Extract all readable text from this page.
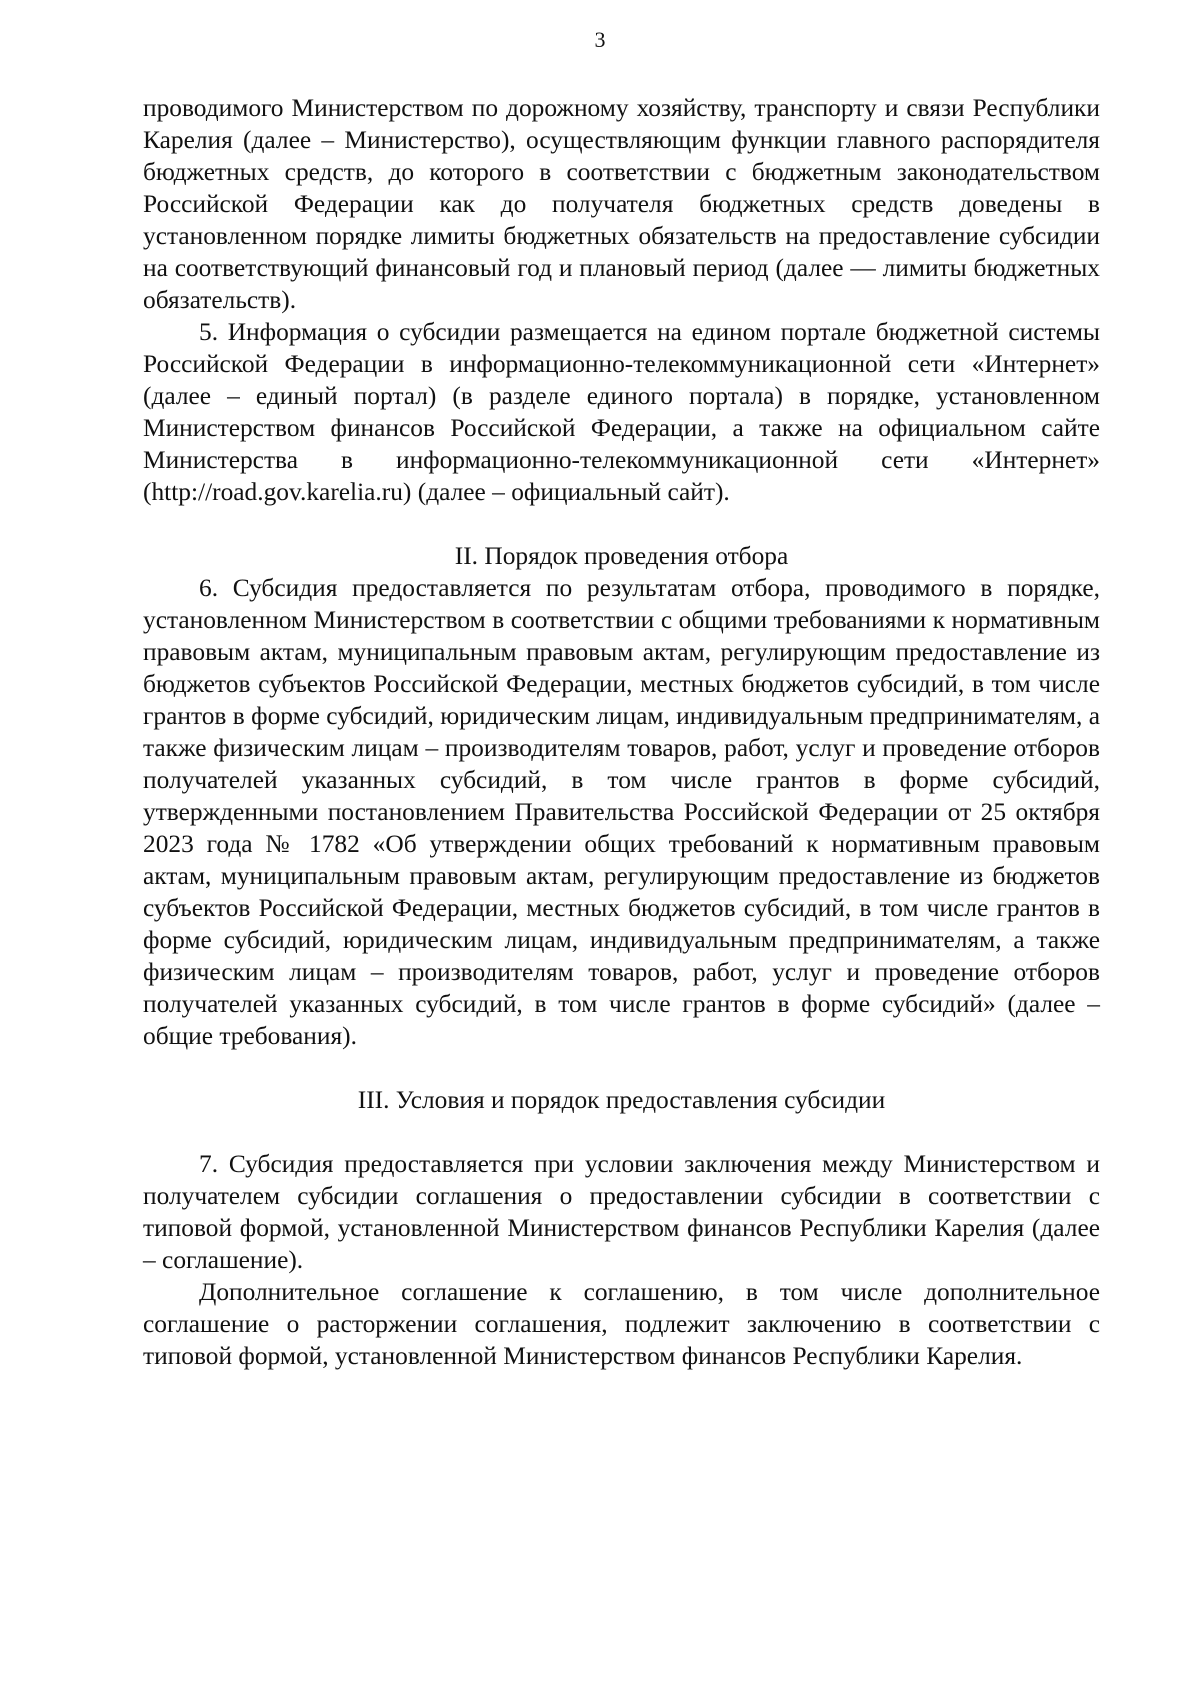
3

проводимого Министерством по дорожному хозяйству, транспорту и связи Республики Карелия (далее – Министерство), осуществляющим функции главного распорядителя бюджетных средств, до которого в соответствии с бюджетным законодательством Российской Федерации как до получателя бюджетных средств доведены в установленном порядке лимиты бюджетных обязательств на предоставление субсидии на соответствующий финансовый год и плановый период (далее — лимиты бюджетных обязательств).

5. Информация о субсидии размещается на едином портале бюджетной системы Российской Федерации в информационно-телекоммуникационной сети «Интернет» (далее – единый портал) (в разделе единого портала) в порядке, установленном Министерством финансов Российской Федерации, а также на официальном сайте Министерства в информационно-телекоммуникационной сети «Интернет» (http://road.gov.karelia.ru) (далее – официальный сайт).

II. Порядок проведения отбора

6. Субсидия предоставляется по результатам отбора, проводимого в порядке, установленном Министерством в соответствии с общими требованиями к нормативным правовым актам, муниципальным правовым актам, регулирующим предоставление из бюджетов субъектов Российской Федерации, местных бюджетов субсидий, в том числе грантов в форме субсидий, юридическим лицам, индивидуальным предпринимателям, а также физическим лицам – производителям товаров, работ, услуг и проведение отборов получателей указанных субсидий, в том числе грантов в форме субсидий, утвержденными постановлением Правительства Российской Федерации от 25 октября 2023 года № 1782 «Об утверждении общих требований к нормативным правовым актам, муниципальным правовым актам, регулирующим предоставление из бюджетов субъектов Российской Федерации, местных бюджетов субсидий, в том числе грантов в форме субсидий, юридическим лицам, индивидуальным предпринимателям, а также физическим лицам – производителям товаров, работ, услуг и проведение отборов получателей указанных субсидий, в том числе грантов в форме субсидий» (далее – общие требования).

III. Условия и порядок предоставления субсидии

7. Субсидия предоставляется при условии заключения между Министерством и получателем субсидии соглашения о предоставлении субсидии в соответствии с типовой формой, установленной Министерством финансов Республики Карелия (далее – соглашение).

Дополнительное соглашение к соглашению, в том числе дополнительное соглашение о расторжении соглашения, подлежит заключению в соответствии с типовой формой, установленной Министерством финансов Республики Карелия.
